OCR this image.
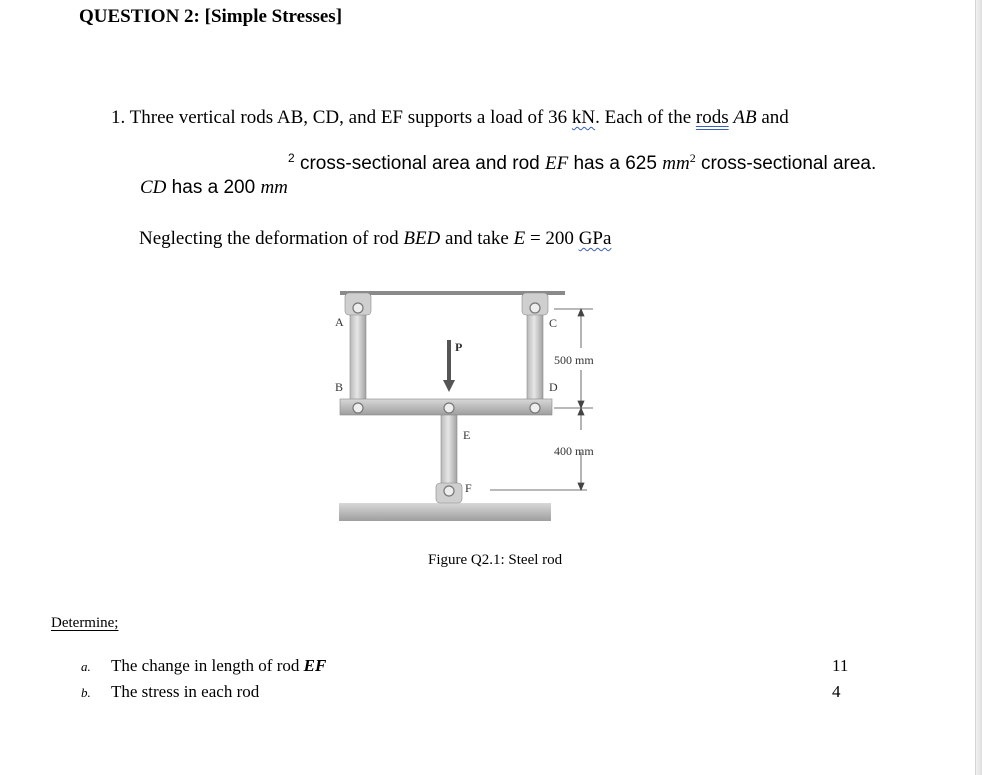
QUESTION 2: [Simple Stresses]
1. Three vertical rods AB, CD, and EF supports a load of 36 kN. Each of the rods AB and
$^2$ cross-sectional area and rod EF has a 625 $mm^2$ cross-sectional area.
CD has a 200 mm
Neglecting the deformation of rod BED and take E = 200 GPa
A
B
C
D
E
F
P
500 mm
400 mm
Figure Q2.1: Steel rod
Determine;
a. The change in length of rod EF	11
b. The stress in each rod	4
